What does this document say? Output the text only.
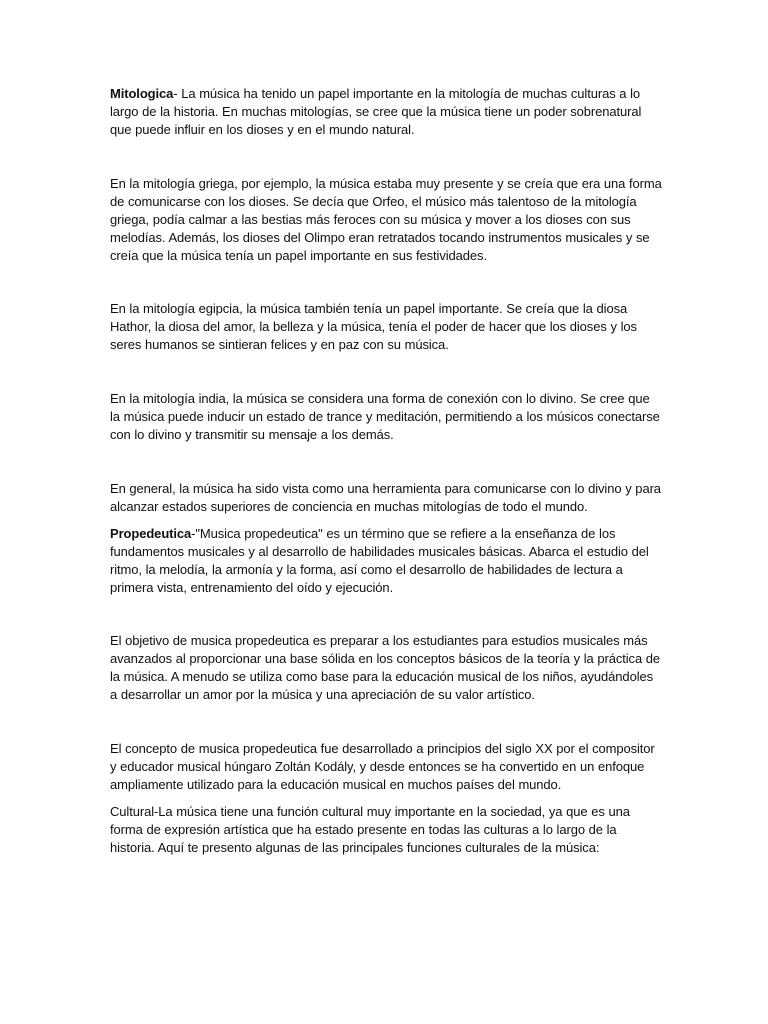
Mitologica- La música ha tenido un papel importante en la mitología de muchas culturas a lo largo de la historia. En muchas mitologías, se cree que la música tiene un poder sobrenatural que puede influir en los dioses y en el mundo natural.

En la mitología griega, por ejemplo, la música estaba muy presente y se creía que era una forma de comunicarse con los dioses. Se decía que Orfeo, el músico más talentoso de la mitología griega, podía calmar a las bestias más feroces con su música y mover a los dioses con sus melodías. Además, los dioses del Olimpo eran retratados tocando instrumentos musicales y se creía que la música tenía un papel importante en sus festividades.

En la mitología egipcia, la música también tenía un papel importante. Se creía que la diosa Hathor, la diosa del amor, la belleza y la música, tenía el poder de hacer que los dioses y los seres humanos se sintieran felices y en paz con su música.

En la mitología india, la música se considera una forma de conexión con lo divino. Se cree que la música puede inducir un estado de trance y meditación, permitiendo a los músicos conectarse con lo divino y transmitir su mensaje a los demás.

En general, la música ha sido vista como una herramienta para comunicarse con lo divino y para alcanzar estados superiores de conciencia en muchas mitologías de todo el mundo.

Propedeutica-"Musica propedeutica" es un término que se refiere a la enseñanza de los fundamentos musicales y al desarrollo de habilidades musicales básicas. Abarca el estudio del ritmo, la melodía, la armonía y la forma, así como el desarrollo de habilidades de lectura a primera vista, entrenamiento del oído y ejecución.

El objetivo de musica propedeutica es preparar a los estudiantes para estudios musicales más avanzados al proporcionar una base sólida en los conceptos básicos de la teoría y la práctica de la música. A menudo se utiliza como base para la educación musical de los niños, ayudándoles a desarrollar un amor por la música y una apreciación de su valor artístico.

El concepto de musica propedeutica fue desarrollado a principios del siglo XX por el compositor y educador musical húngaro Zoltán Kodály, y desde entonces se ha convertido en un enfoque ampliamente utilizado para la educación musical en muchos países del mundo.

Cultural-La música tiene una función cultural muy importante en la sociedad, ya que es una forma de expresión artística que ha estado presente en todas las culturas a lo largo de la historia. Aquí te presento algunas de las principales funciones culturales de la música:
